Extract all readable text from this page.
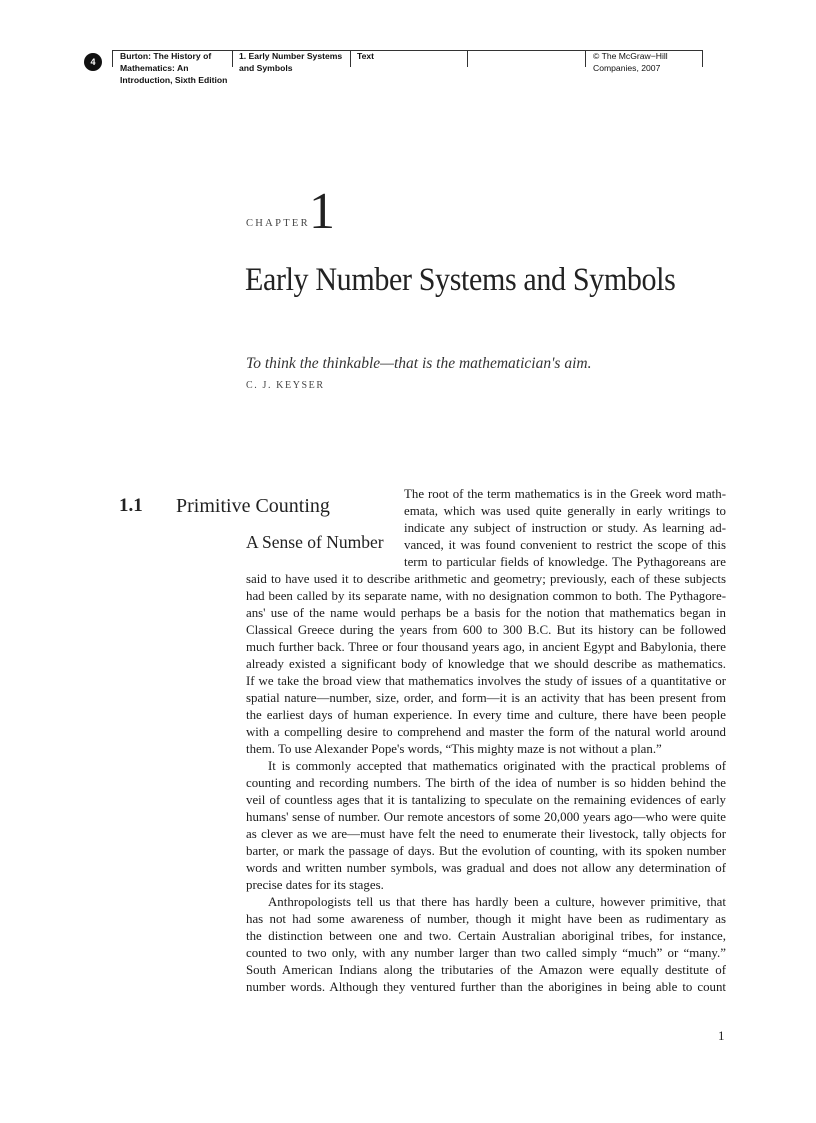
4
Burton: The History of
Mathematics: An
Introduction, Sixth Edition
1. Early Number Systems
and Symbols
Text	© The McGraw−Hill
Companies, 2007
CHAPTER 1
Early Number Systems and Symbols
To think the thinkable—that is the mathematician's aim.
C. J. KEYSER
1.1 Primitive Counting
A Sense of Number
The root of the term mathematics is in the Greek word math-
emata, which was used quite generally in early writings to
indicate any subject of instruction or study. As learning ad-
vanced, it was found convenient to restrict the scope of this
term to particular fields of knowledge. The Pythagoreans are
said to have used it to describe arithmetic and geometry; previously, each of these subjects
had been called by its separate name, with no designation common to both. The Pythagore-
ans' use of the name would perhaps be a basis for the notion that mathematics began in
Classical Greece during the years from 600 to 300 B.C. But its history can be followed
much further back. Three or four thousand years ago, in ancient Egypt and Babylonia, there
already existed a significant body of knowledge that we should describe as mathematics.
If we take the broad view that mathematics involves the study of issues of a quantitative or
spatial nature—number, size, order, and form—it is an activity that has been present from
the earliest days of human experience. In every time and culture, there have been people
with a compelling desire to comprehend and master the form of the natural world around
them. To use Alexander Pope's words, “This mighty maze is not without a plan.”
It is commonly accepted that mathematics originated with the practical problems of
counting and recording numbers. The birth of the idea of number is so hidden behind the
veil of countless ages that it is tantalizing to speculate on the remaining evidences of early
humans' sense of number. Our remote ancestors of some 20,000 years ago—who were quite
as clever as we are—must have felt the need to enumerate their livestock, tally objects for
barter, or mark the passage of days. But the evolution of counting, with its spoken number
words and written number symbols, was gradual and does not allow any determination of
precise dates for its stages.
Anthropologists tell us that there has hardly been a culture, however primitive, that
has not had some awareness of number, though it might have been as rudimentary as
the distinction between one and two. Certain Australian aboriginal tribes, for instance,
counted to two only, with any number larger than two called simply “much” or “many.”
South American Indians along the tributaries of the Amazon were equally destitute of
number words. Although they ventured further than the aborigines in being able to count
1
